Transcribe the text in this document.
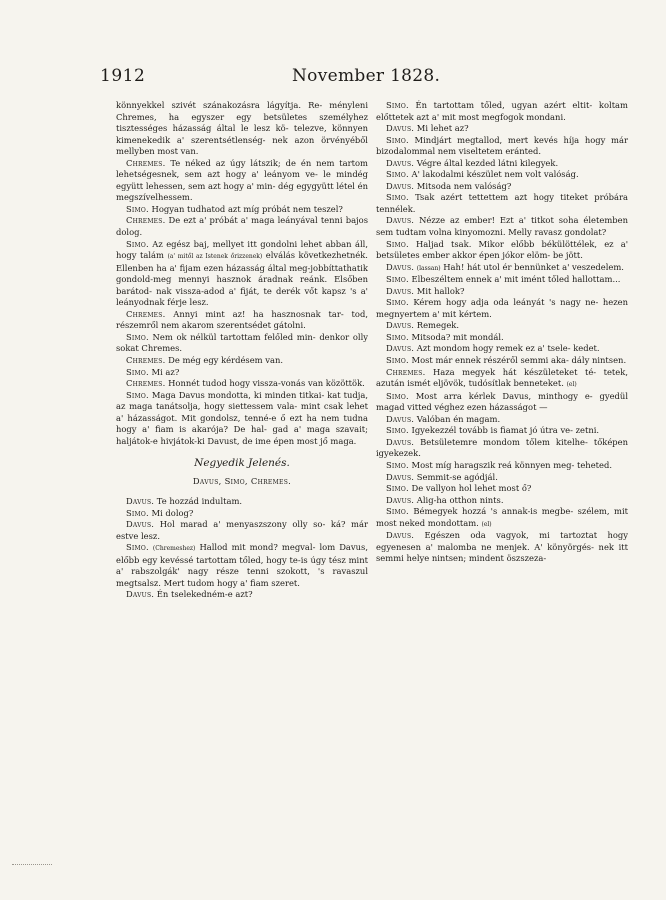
1912	November 1828.

könnyekkel szivét szánakozásra lágyítja. Re- ményleni Chremes, ha egyszer egy betsületes személyhez tisztességes házasság által le lesz kö- telezve, könnyen kimenekedik a' szerentsétlenség- nek azon örvényéből mellyben most van.

Chremes. Te néked az úgy látszik; de én nem tartom lehetségesnek, sem azt hogy a' leányom ve- le mindég együtt lehessen, sem azt hogy a' min- dég egygyütt létel én megszívelhessem.

Simo. Hogyan tudhatod azt míg próbát nem teszel?

Chremes. De ezt a' próbát a' maga leányával tenni bajos dolog.

Simo. Az egész baj, mellyet itt gondolni lehet abban áll, hogy talám (a' mitől az Istenek őrizzenek) elválás következhetnék. Ellenben ha a' fijam ezen házasság által meg-jobbíttathatik gondold-meg mennyi hasznok áradnak reánk. Elsőben barátod- nak vissza-adod a' fiját, te derék vőt kapsz 's a' leányodnak férje lesz.

Chremes. Annyi mint az! ha hasznosnak tar- tod, részemről nem akarom szerentsédet gátolni.

Simo. Nem ok nélkül tartottam felőled min- denkor olly sokat Chremes.

Chremes. De még egy kérdésem van.

Simo. Mi az?

Chremes. Honnét tudod hogy vissza-vonás van közöttök.

Simo. Maga Davus mondotta, ki minden titkai- kat tudja, az maga tanátsolja, hogy siettessem vala- mint csak lehet a' házasságot. Mit gondolsz, tenné-e ő ezt ha nem tudna hogy a' fiam is akarója? De hal- gad a' maga szavait; haljátok-e hivjátok-ki Davust, de ime épen most jő maga.

Negyedik Jelenés.
Davus, Simo, Chremes.

Davus. Te hozzád indultam.

Simo. Mi dolog?

Davus. Hol marad a' menyaszszony olly so- ká? már estve lesz.

Simo. (Chremeshez) Hallod mit mond? megval- lom Davus, előbb egy kevéssé tartottam tőled, hogy te-is úgy tész mint a' rabszolgák' nagy része tenni szokott, 's ravaszul megtsalsz. Mert tudom hogy a' fiam szeret.

Davus. Én tselekedném-e azt?

Simo. Én tartottam tőled, ugyan azért eltit- koltam előttetek azt a' mit most megfogok mondani.

Davus. Mi lehet az?

Simo. Mindjárt megtallod, mert kevés híja hogy már bizodalommal nem viseltetem eránted.

Davus. Végre által kezded látni kilegyek.

Simo. A' lakodalmi készület nem volt valóság.

Davus. Mitsoda nem valóság?

Simo. Tsak azért tettettem azt hogy titeket próbára tennélek.

Davus. Nézze az ember! Ezt a' titkot soha életemben sem tudtam volna kinyomozni. Melly ravasz gondolat?

Simo. Haljad tsak. Mikor előbb békülöttélek, ez a' betsületes ember akkor épen jókor elöm- be jött.

Davus. (lassan) Hah! hát utol ér bennünket a' veszedelem.

Simo. Elbeszéltem ennek a' mit imént tőled hallottam...

Davus. Mit hallok?

Simo. Kérem hogy adja oda leányát 's nagy ne- hezen megnyertem a' mit kértem.

Davus. Remegek.

Simo. Mitsoda? mit mondál.

Davus. Azt mondom hogy remek ez a' tsele- kedet.

Simo. Most már ennek részéről semmi aka- dály nintsen.

Chremes. Haza megyek hát készületeket té- tetek, azután ismét eljövök, tudósítlak benneteket. (el)

Simo. Most arra kérlek Davus, minthogy e- gyedül magad vitted véghez ezen házasságot —

Davus. Valóban én magam.

Simo. Igyekezzél tovább is fiamat jó útra ve- zetni.

Davus. Betsületemre mondom tőlem kitelhe- tőképen igyekezek.

Simo. Most míg haragszik reá könnyen meg- teheted.

Davus. Semmit-se agódjál.

Simo. De vallyon hol lehet most ő?

Davus. Alig-ha otthon nints.

Simo. Bémegyek hozzá 's annak-is megbe- szélem, mit most neked mondottam. (el)

Davus. Egészen oda vagyok, mi tartoztat hogy egyenesen a' malomba ne menjek. A' könyörgés- nek itt semmi helye nintsen; mindent öszszeza-
